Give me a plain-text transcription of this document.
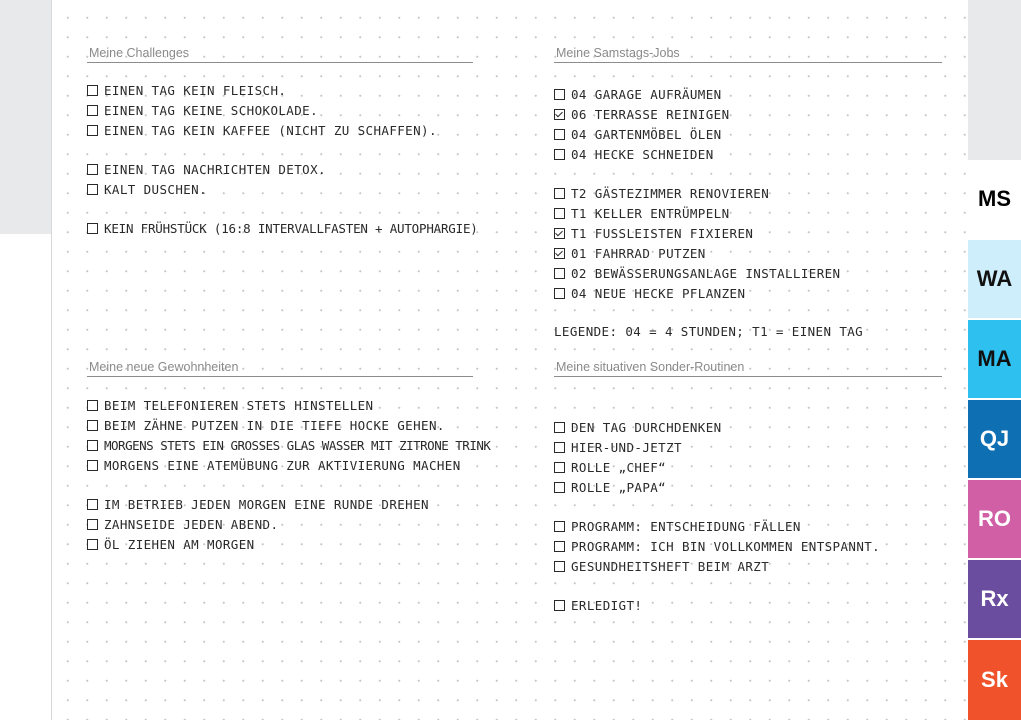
Meine Challenges
EINEN TAG KEIN FLEISCH.
EINEN TAG KEINE SCHOKOLADE.
EINEN TAG KEIN KAFFEE (NICHT ZU SCHAFFEN).
EINEN TAG NACHRICHTEN DETOX.
KALT DUSCHEN.
KEIN FRÜHSTÜCK (16:8 INTERVALLFASTEN + AUTOPHARGIE)
Meine neue Gewohnheiten
BEIM TELEFONIEREN STETS HINSTELLEN
BEIM ZÄHNE PUTZEN IN DIE TIEFE HOCKE GEHEN.
MORGENS STETS EIN GROSSES GLAS WASSER MIT ZITRONE TRINK
MORGENS EINE ATEMÜBUNG ZUR AKTIVIERUNG MACHEN
IM BETRIEB JEDEN MORGEN EINE RUNDE DREHEN
ZAHNSEIDE JEDEN ABEND.
ÖL ZIEHEN AM MORGEN
Meine Samstags-Jobs
04 GARAGE AUFRÄUMEN
06 TERRASSE REINIGEN
04 GARTENMÖBEL ÖLEN
04 HECKE SCHNEIDEN
T2 GÄSTEZIMMER RENOVIEREN
T1 KELLER ENTRÜMPELN
T1 FUSSLEISTEN FIXIEREN
01 FAHRRAD PUTZEN
02 BEWÄSSERUNGSANLAGE INSTALLIEREN
04 NEUE HECKE PFLANZEN
LEGENDE: 04 = 4 STUNDEN; T1 = EINEN TAG
Meine situativen Sonder-Routinen
DEN TAG DURCHDENKEN
HIER-UND-JETZT
ROLLE „CHEF“
ROLLE „PAPA“
PROGRAMM: ENTSCHEIDUNG FÄLLEN
PROGRAMM: ICH BIN VOLLKOMMEN ENTSPANNT.
GESUNDHEITSHEFT BEIM ARZT
ERLEDIGT!
MS
WA
MA
QJ
RO
Rx
Sk
